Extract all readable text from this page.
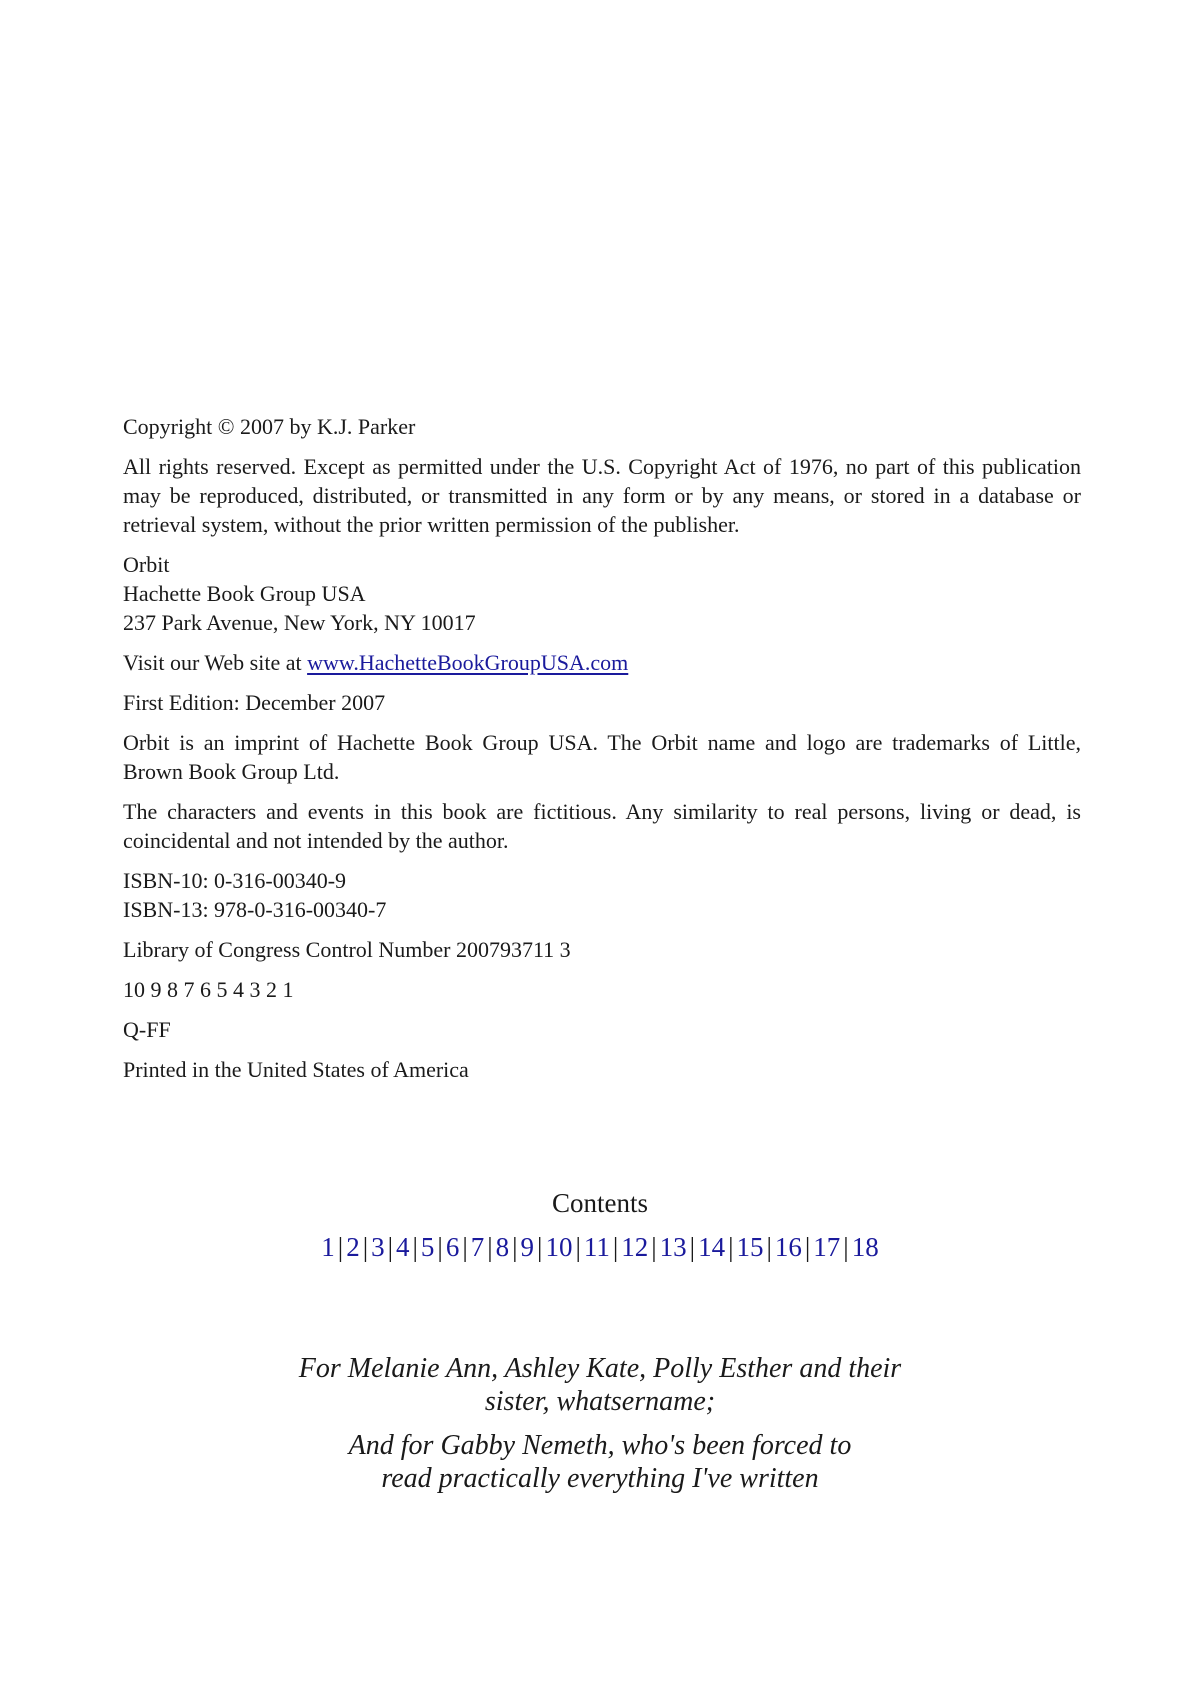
Copyright © 2007 by K.J. Parker

All rights reserved. Except as permitted under the U.S. Copyright Act of 1976, no part of this publication
may be reproduced, distributed, or transmitted in any form or by any means, or stored in a database or
retrieval system, without the prior written permission of the publisher.

Orbit
Hachette Book Group USA
237 Park Avenue, New York, NY 10017

Visit our Web site at www.HachetteBookGroupUSA.com

First Edition: December 2007

Orbit is an imprint of Hachette Book Group USA. The Orbit name and logo are trademarks of Little,
Brown Book Group Ltd.

The characters and events in this book are fictitious. Any similarity to real persons, living or dead, is
coincidental and not intended by the author.

ISBN-10: 0-316-00340-9
ISBN-13: 978-0-316-00340-7

Library of Congress Control Number 200793711 3

10 9 8 7 6 5 4 3 2 1

Q-FF

Printed in the United States of America

Contents
1 | 2 | 3 | 4 | 5 | 6 | 7 | 8 | 9 | 10 | 11 | 12 | 13 | 14 | 15 | 16 | 17 | 18

For Melanie Ann, Ashley Kate, Polly Esther and their
sister, whatsername;

And for Gabby Nemeth, who's been forced to
read practically everything I've written
